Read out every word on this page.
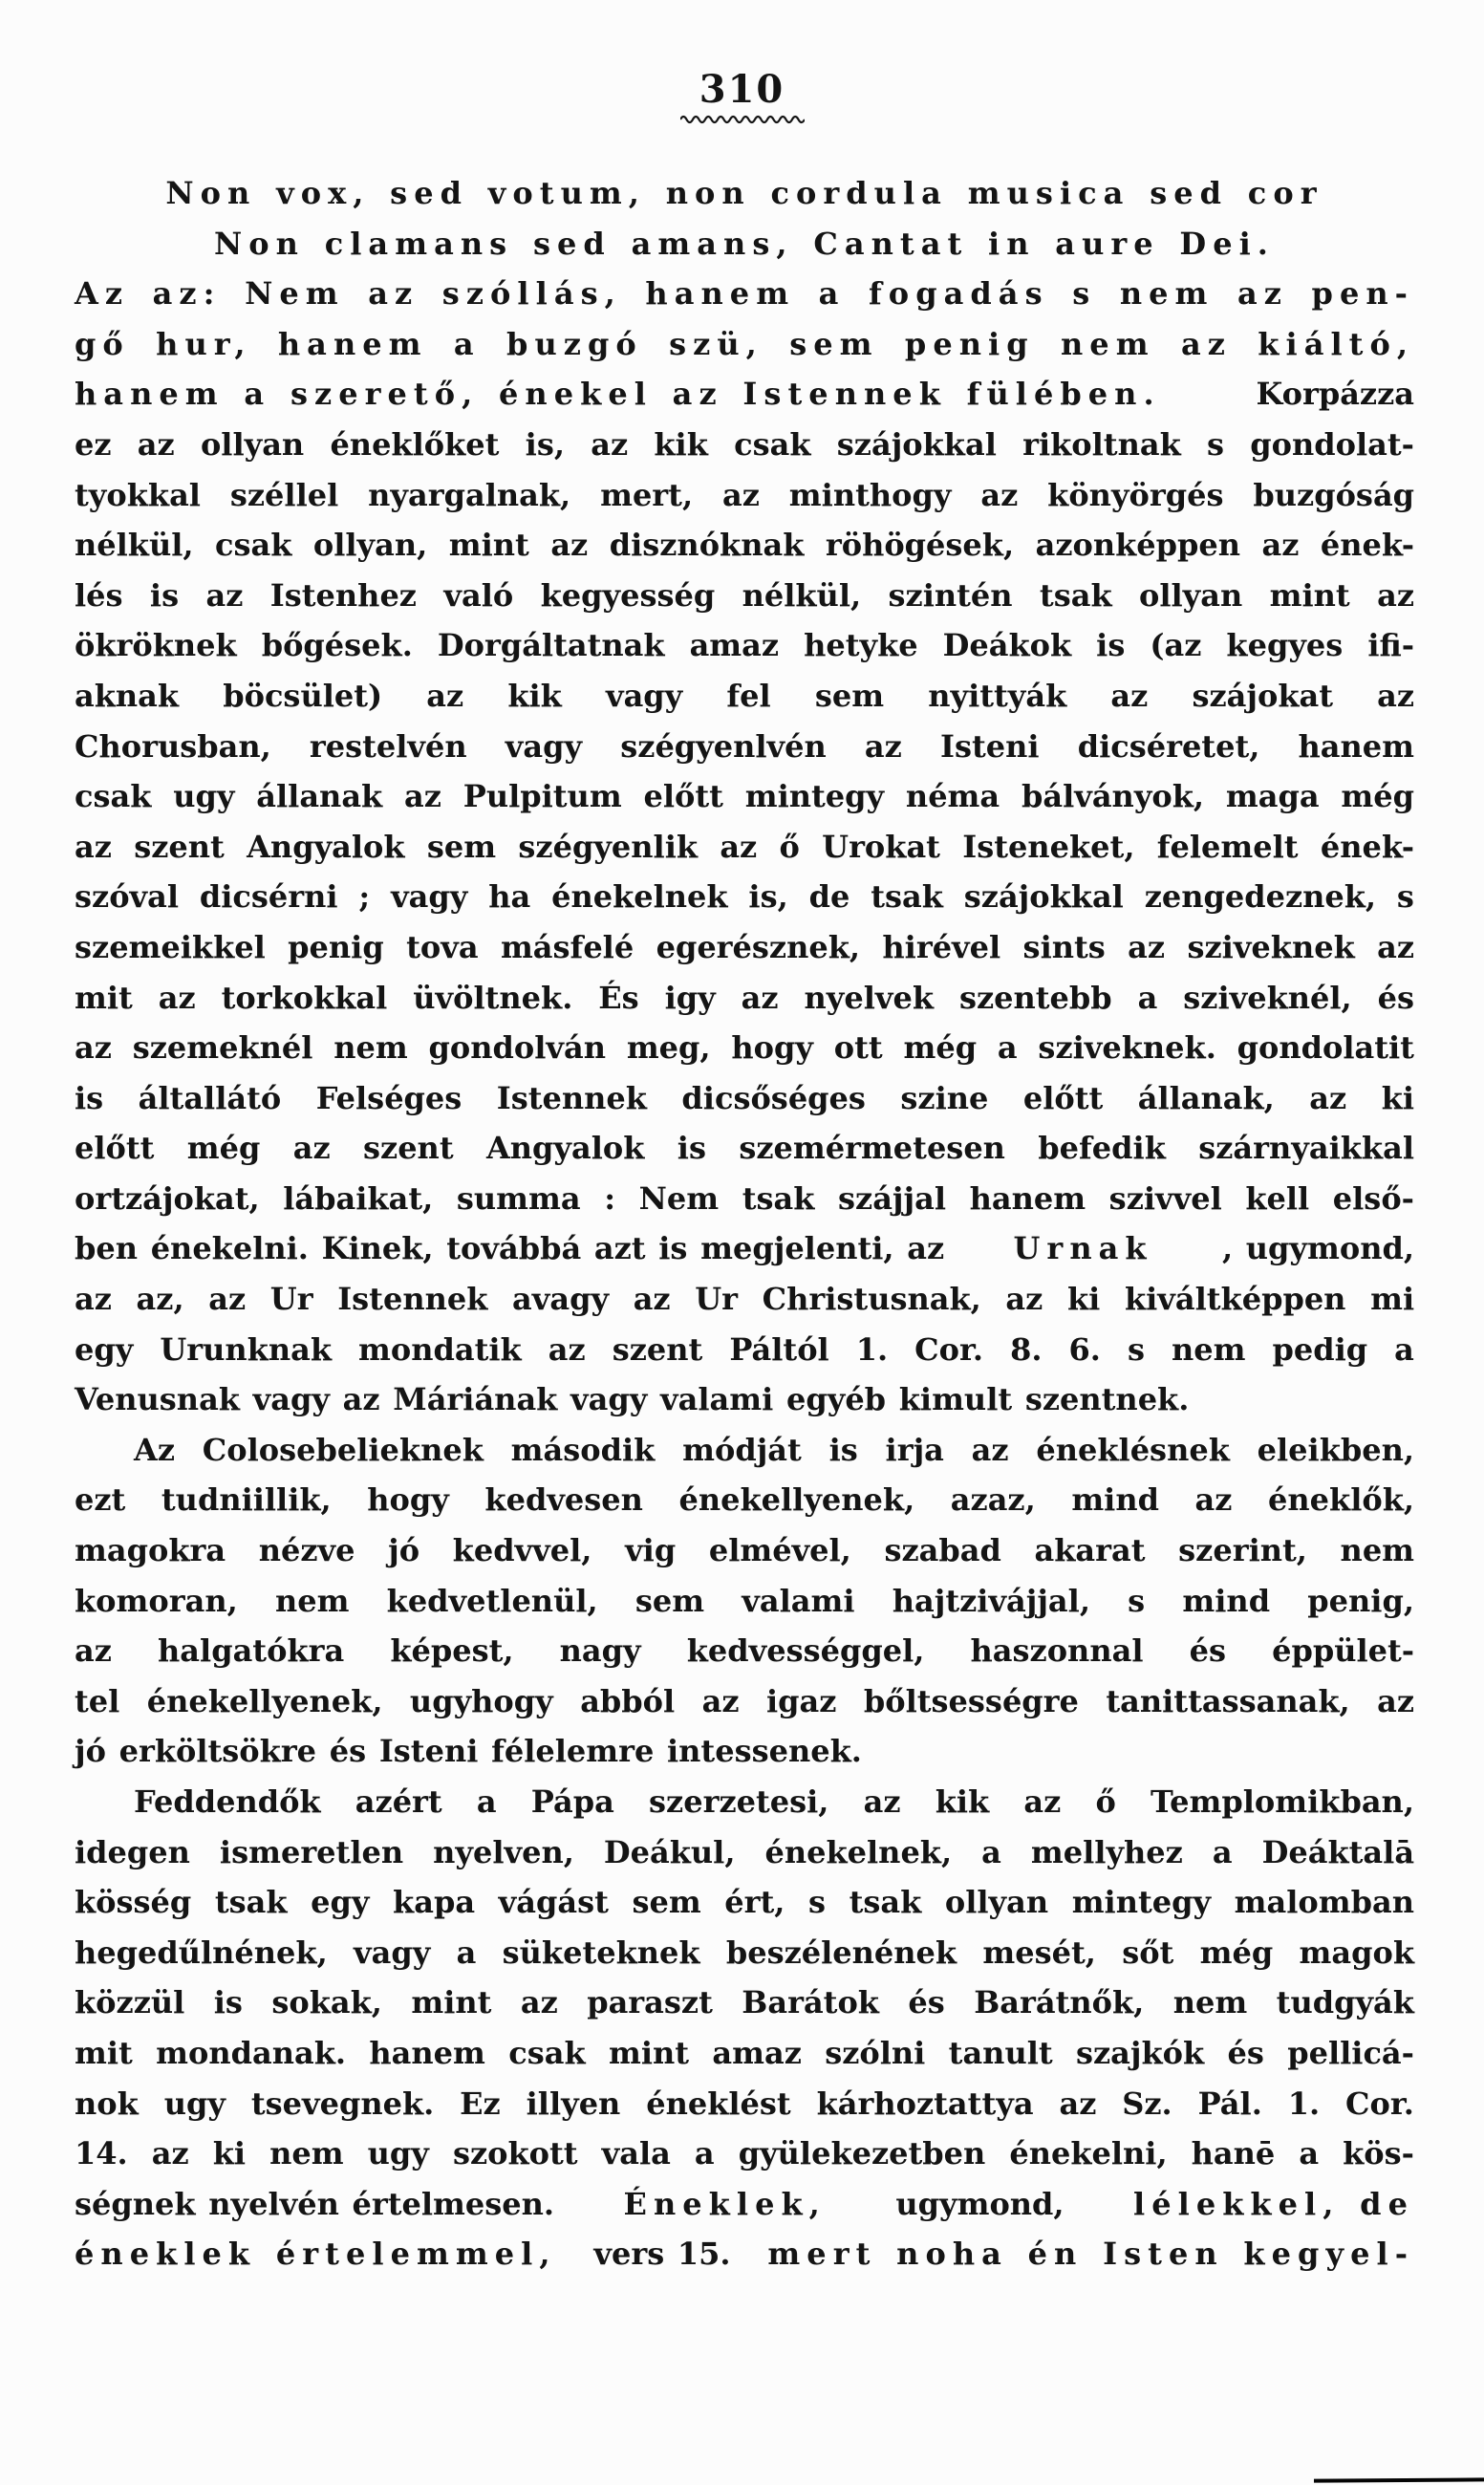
310
Non vox, sed votum, non cordula musica sed cor
Non clamans sed amans, Cantat in aure Dei.
Az
az:
Nem
az
szóllás,
hanem
a
fogadás
s
nem
az
pen-
gő
hur,
hanem
a
buzgó
szü,
sem
penig
nem
az
kiáltó,
hanem a szerető, énekel az Istennek fülében.	Korpázza
ez
az
ollyan
éneklőket
is,
az
kik
csak
szájokkal
rikoltnak
s
gondolat-
tyokkal
széllel
nyargalnak,
mert,
az
minthogy
az
könyörgés
buzgóság
nélkül,
csak
ollyan,
mint
az
disznóknak
röhögések,
azonképpen
az
ének-
lés
is
az
Istenhez
való
kegyesség
nélkül,
szintén
tsak
ollyan
mint
az
ökröknek
bőgések.
Dorgáltatnak
amaz
hetyke
Deákok
is
(az
kegyes
ifi-
aknak
böcsület)
az
kik
vagy
fel
sem
nyittyák
az
szájokat
az
Chorusban,
restelvén
vagy
szégyenlvén
az
Isteni
dicséretet,
hanem
csak
ugy
állanak
az
Pulpitum
előtt
mintegy
néma
bálványok,
maga
még
az
szent
Angyalok
sem
szégyenlik
az
ő
Urokat
Isteneket,
felemelt
ének-
szóval
dicsérni
;
vagy
ha
énekelnek
is,
de
tsak
szájokkal
zengedeznek,
s
szemeikkel
penig
tova
másfelé
egerésznek,
hirével
sints
az
sziveknek
az
mit
az
torkokkal
üvöltnek.
És
igy
az
nyelvek
szentebb
a
sziveknél,
és
az
szemeknél
nem
gondolván
meg,
hogy
ott
még
a
sziveknek.
gondolatit
is
általlátó
Felséges
Istennek
dicsőséges
szine
előtt
állanak,
az
ki
előtt
még
az
szent
Angyalok
is
szemérmetesen
befedik
szárnyaikkal
ortzájokat,
lábaikat,
summa
:
Nem
tsak
szájjal
hanem
szivvel
kell
első-
ben énekelni. Kinek, továbbá azt is megjelenti, az Urnak , ugymond,
az
az,
az
Ur
Istennek
avagy
az
Ur
Christusnak,
az
ki
kiváltképpen
mi
egy
Urunknak
mondatik
az
szent
Páltól
1.
Cor.
8.
6.
s
nem
pedig
a
Venusnak vagy az Máriának vagy valami egyéb kimult szentnek.
Az
Colosebelieknek
második
módját
is
irja
az
éneklésnek
eleikben,
ezt
tudniillik,
hogy
kedvesen
énekellyenek,
azaz,
mind
az
éneklők,
magokra
nézve
jó
kedvvel,
vig
elmével,
szabad
akarat
szerint,
nem
komoran,
nem
kedvetlenül,
sem
valami
hajtzivájjal,
s
mind
penig,
az
halgatókra
képest,
nagy
kedvességgel,
haszonnal
és
éppület-
tel
énekellyenek,
ugyhogy
abból
az
igaz
bőltsességre
tanittassanak,
az
jó erköltsökre és Isteni félelemre intessenek.
Feddendők
azért
a
Pápa
szerzetesi,
az
kik
az
ő
Templomikban,
idegen
ismeretlen
nyelven,
Deákul,
énekelnek,
a
mellyhez
a
Deáktalā
kösség
tsak
egy
kapa
vágást
sem
ért,
s
tsak
ollyan
mintegy
malomban
hegedűlnének,
vagy
a
süketeknek
beszélenének
mesét,
sőt
még
magok
közzül
is
sokak,
mint
az
paraszt
Barátok
és
Barátnők,
nem
tudgyák
mit
mondanak.
hanem
csak
mint
amaz
szólni
tanult
szajkók
és
pellicá-
nok
ugy
tsevegnek.
Ez
illyen
éneklést
kárhoztattya
az
Sz.
Pál.
1.
Cor.
14.
az
ki
nem
ugy
szokott
vala
a
gyülekezetben
énekelni,
hanē
a
kös-
ségnek nyelvén értelmesen. Éneklek, ugymond, lélekkel, de
éneklek értelemmel, vers 15. mert noha én Isten kegyel-
